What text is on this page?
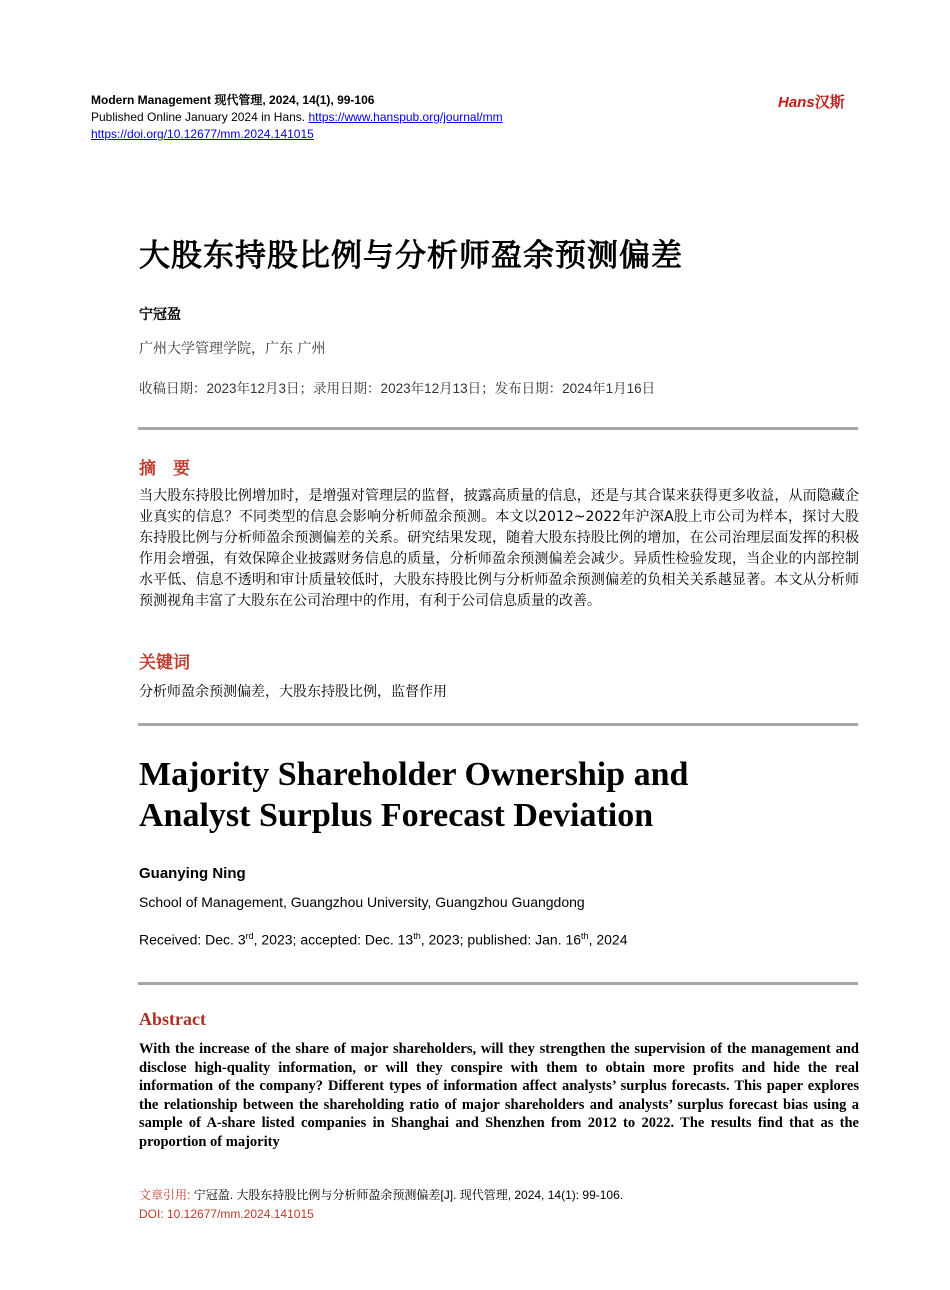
Modern Management 现代管理, 2024, 14(1), 99-106
Published Online January 2024 in Hans. https://www.hanspub.org/journal/mm
https://doi.org/10.12677/mm.2024.141015
Hans汉斯
大股东持股比例与分析师盈余预测偏差
宁冠盈
广州大学管理学院，广东 广州
收稿日期：2023年12月3日；录用日期：2023年12月13日；发布日期：2024年1月16日
摘　要

当大股东持股比例增加时，是增强对管理层的监督，披露高质量的信息，还是与其合谋来获得更多收益，从而隐藏企业真实的信息？不同类型的信息会影响分析师盈余预测。本文以2012~2022年沪深A股上市公司为样本，探讨大股东持股比例与分析师盈余预测偏差的关系。研究结果发现，随着大股东持股比例的增加，在公司治理层面发挥的积极作用会增强，有效保障企业披露财务信息的质量，分析师盈余预测偏差会减少。异质性检验发现，当企业的内部控制水平低、信息不透明和审计质量较低时，大股东持股比例与分析师盈余预测偏差的负相关关系越显著。本文从分析师预测视角丰富了大股东在公司治理中的作用，有利于公司信息质量的改善。

关键词
分析师盈余预测偏差，大股东持股比例，监督作用
Majority Shareholder Ownership and
Analyst Surplus Forecast Deviation
Guanying Ning
School of Management, Guangzhou University, Guangzhou Guangdong
Received: Dec. 3rd, 2023; accepted: Dec. 13th, 2023; published: Jan. 16th, 2024
Abstract

With the increase of the share of major shareholders, will they strengthen the supervision of the management and disclose high-quality information, or will they conspire with them to obtain more profits and hide the real information of the company? Different types of information affect analysts’ surplus forecasts. This paper explores the relationship between the shareholding ratio of major shareholders and analysts’ surplus forecast bias using a sample of A-share listed companies in Shanghai and Shenzhen from 2012 to 2022. The results find that as the proportion of majority

文章引用: 宁冠盈. 大股东持股比例与分析师盈余预测偏差[J]. 现代管理, 2024, 14(1): 99-106.
DOI: 10.12677/mm.2024.141015
